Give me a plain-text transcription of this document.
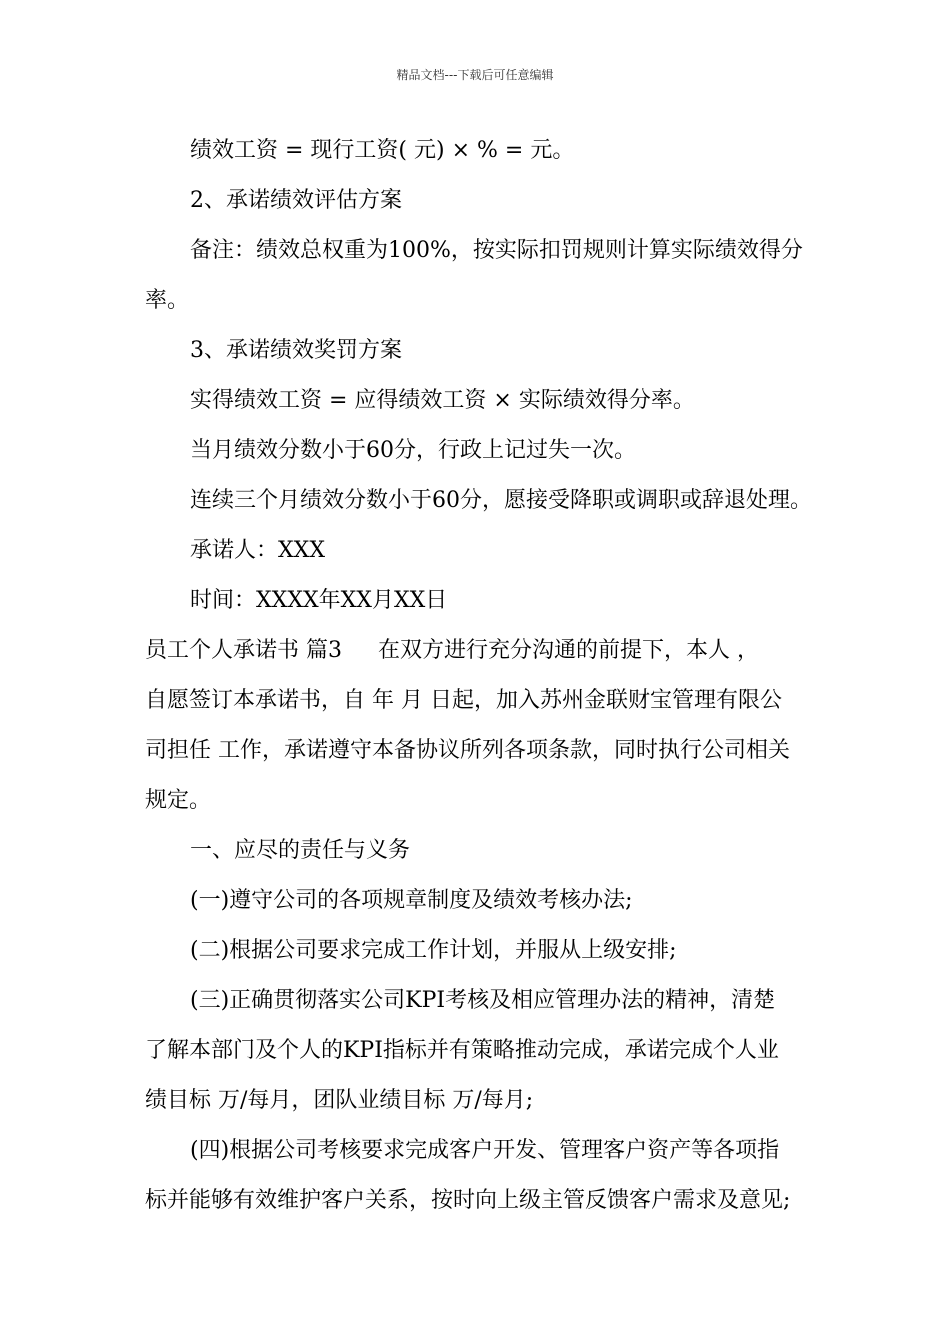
精品文档---下载后可任意编辑
绩效工资 = 现行工资( 元) × % = 元。
2、承诺绩效评估方案
备注：绩效总权重为100%，按实际扣罚规则计算实际绩效得分
率。
3、承诺绩效奖罚方案
实得绩效工资 = 应得绩效工资 × 实际绩效得分率。
当月绩效分数小于60分，行政上记过失一次。
连续三个月绩效分数小于60分，愿接受降职或调职或辞退处理。
承诺人：XXX
时间：XXXX年XX月XX日
员工个人承诺书 篇3 在双方进行充分沟通的前提下，本人 ，
自愿签订本承诺书，自 年 月 日起，加入苏州金联财宝管理有限公
司担任 工作，承诺遵守本备协议所列各项条款，同时执行公司相关
规定。
一、应尽的责任与义务
(一)遵守公司的各项规章制度及绩效考核办法;
(二)根据公司要求完成工作计划，并服从上级安排;
(三)正确贯彻落实公司KPI考核及相应管理办法的精神，清楚
了解本部门及个人的KPI指标并有策略推动完成，承诺完成个人业
绩目标 万/每月，团队业绩目标 万/每月;
(四)根据公司考核要求完成客户开发、管理客户资产等各项指
标并能够有效维护客户关系，按时向上级主管反馈客户需求及意见;
